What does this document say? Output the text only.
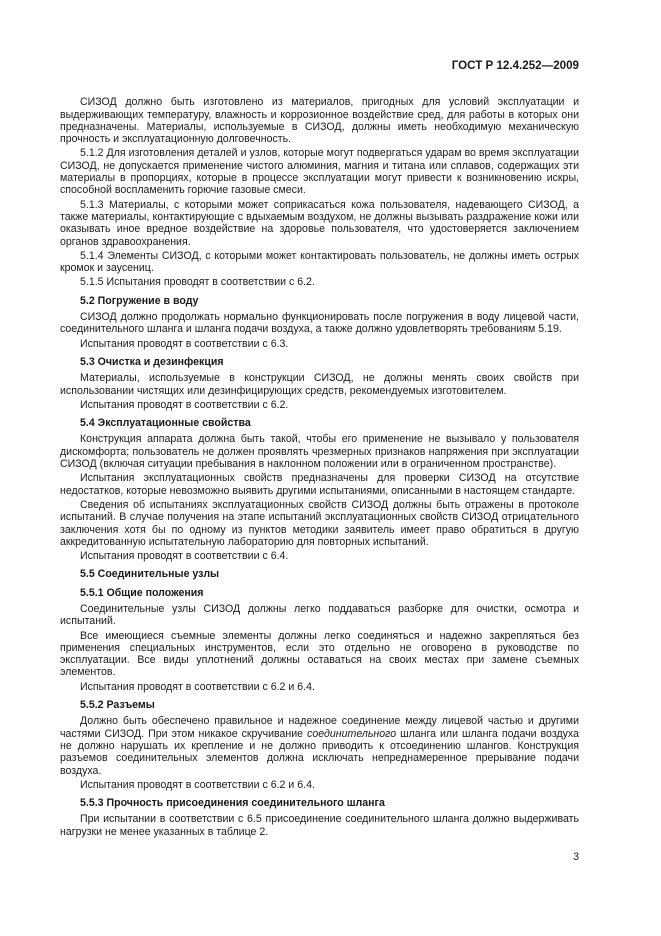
ГОСТ Р 12.4.252—2009

СИЗОД должно быть изготовлено из материалов, пригодных для условий эксплуатации и выдерживающих температуру, влажность и коррозионное воздействие сред, для работы в которых они предназначены. Материалы, используемые в СИЗОД, должны иметь необходимую механическую прочность и эксплуатационную долговечность.

5.1.2 Для изготовления деталей и узлов, которые могут подвергаться ударам во время эксплуатации СИЗОД, не допускается применение чистого алюминия, магния и титана или сплавов, содержащих эти материалы в пропорциях, которые в процессе эксплуатации могут привести к возникновению искры, способной воспламенить горючие газовые смеси.

5.1.3 Материалы, с которыми может соприкасаться кожа пользователя, надевающего СИЗОД, а также материалы, контактирующие с вдыхаемым воздухом, не должны вызывать раздражение кожи или оказывать иное вредное воздействие на здоровье пользователя, что удостоверяется заключением органов здравоохранения.

5.1.4 Элементы СИЗОД, с которыми может контактировать пользователь, не должны иметь острых кромок и заусениц.

5.1.5 Испытания проводят в соответствии с 6.2.

5.2 Погружение в воду

СИЗОД должно продолжать нормально функционировать после погружения в воду лицевой части, соединительного шланга и шланга подачи воздуха, а также должно удовлетворять требованиям 5.19.

Испытания проводят в соответствии с 6.3.

5.3 Очистка и дезинфекция

Материалы, используемые в конструкции СИЗОД, не должны менять своих свойств при использовании чистящих или дезинфицирующих средств, рекомендуемых изготовителем.

Испытания проводят в соответствии с 6.2.

5.4 Эксплуатационные свойства

Конструкция аппарата должна быть такой, чтобы его применение не вызывало у пользователя дискомфорта; пользователь не должен проявлять чрезмерных признаков напряжения при эксплуатации СИЗОД (включая ситуации пребывания в наклонном положении или в ограниченном пространстве).

Испытания эксплуатационных свойств предназначены для проверки СИЗОД на отсутствие недостатков, которые невозможно выявить другими испытаниями, описанными в настоящем стандарте.

Сведения об испытаниях эксплуатационных свойств СИЗОД должны быть отражены в протоколе испытаний. В случае получения на этапе испытаний эксплуатационных свойств СИЗОД отрицательного заключения хотя бы по одному из пунктов методики заявитель имеет право обратиться в другую аккредитованную испытательную лабораторию для повторных испытаний.

Испытания проводят в соответствии с 6.4.

5.5 Соединительные узлы

5.5.1 Общие положения

Соединительные узлы СИЗОД должны легко поддаваться разборке для очистки, осмотра и испытаний.

Все имеющиеся съемные элементы должны легко соединяться и надежно закрепляться без применения специальных инструментов, если это отдельно не оговорено в руководстве по эксплуатации. Все виды уплотнений должны оставаться на своих местах при замене съемных элементов.

Испытания проводят в соответствии с 6.2 и 6.4.

5.5.2 Разъемы

Должно быть обеспечено правильное и надежное соединение между лицевой частью и другими частями СИЗОД. При этом никакое скручивание соединительного шланга или шланга подачи воздуха не должно нарушать их крепление и не должно приводить к отсоединению шлангов. Конструкция разъемов соединительных элементов должна исключать непреднамеренное прерывание подачи воздуха.

Испытания проводят в соответствии с 6.2 и 6.4.

5.5.3 Прочность присоединения соединительного шланга

При испытании в соответствии с 6.5 присоединение соединительного шланга должно выдерживать нагрузки не менее указанных в таблице 2.

3
